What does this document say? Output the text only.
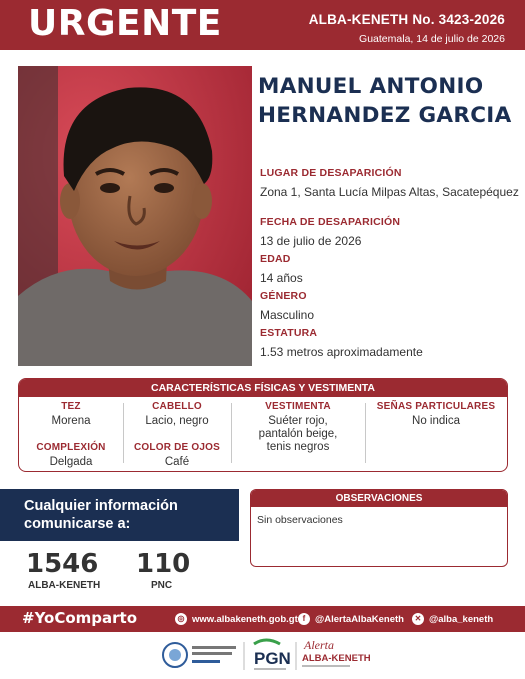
URGENTE	ALBA-KENETH No. 3423-2026
Guatemala, 14 de julio de 2026
MANUEL ANTONIO
HERNANDEZ GARCIA
LUGAR DE DESAPARICIÓN
Zona 1, Santa Lucía Milpas Altas, Sacatepéquez
FECHA DE DESAPARICIÓN
13 de julio de 2026
EDAD
14 años
GÉNERO
Masculino
ESTATURA
1.53 metros aproximadamente
CARACTERÍSTICAS FÍSICAS Y VESTIMENTA
TEZ
Morena
COMPLEXIÓN
Delgada
CABELLO
Lacio, negro
COLOR DE OJOS
Café
VESTIMENTA
Suéter rojo,
pantalón beige,
tenis negros
SEÑAS PARTICULARES
No indica
Cualquier información
comunicarse a:
1546
ALBA-KENETH
110
PNC
OBSERVACIONES
Sin observaciones
#YoComparto	◎ www.albakeneth.gob.gt f	@AlertaAlbaKeneth	✕ @alba_keneth
PGN
Alerta
ALBA-KENETH
